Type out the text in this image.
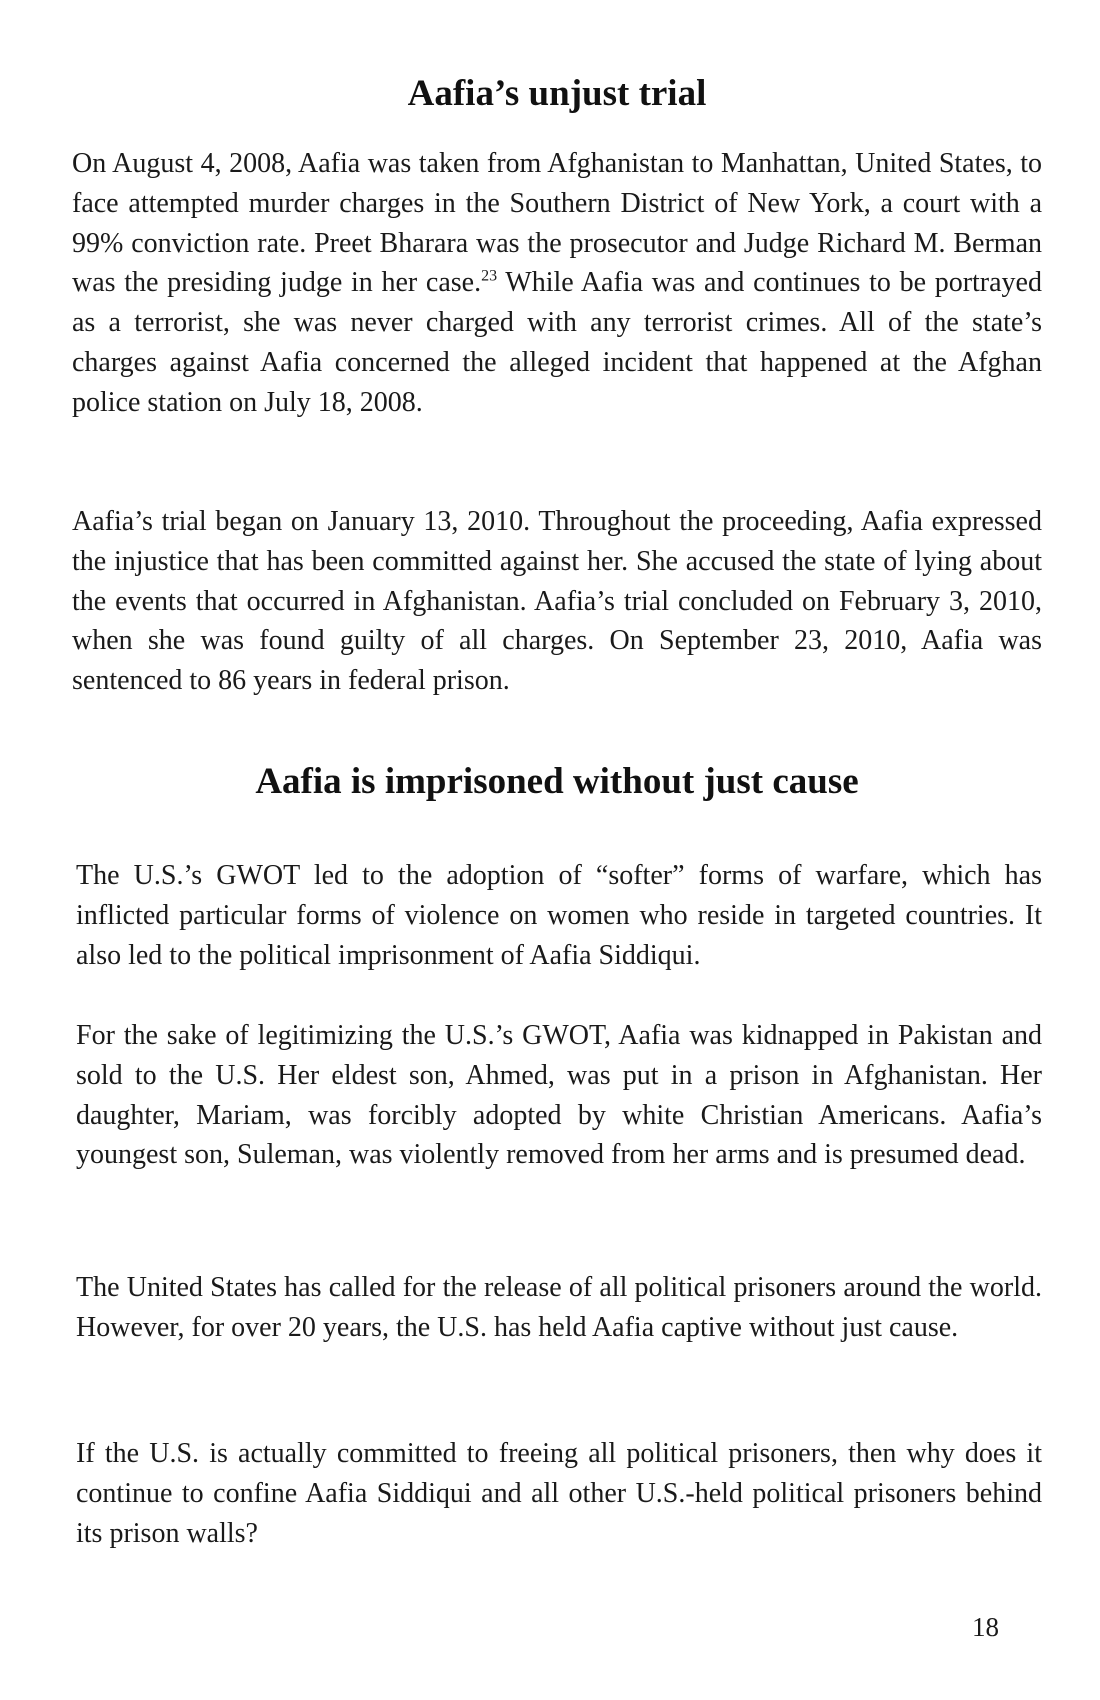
Aafia’s unjust trial

On August 4, 2008, Aafia was taken from Afghanistan to Manhattan, United States, to face attempted murder charges in the Southern District of New York, a court with a 99% conviction rate. Preet Bharara was the prosecutor and Judge Richard M. Berman was the presiding judge in her case.$^{23}$ While Aafia was and continues to be portrayed as a terrorist, she was never charged with any terrorist crimes. All of the state’s charges against Aafia concerned the alleged incident that happened at the Afghan police station on July 18, 2008.

Aafia’s trial began on January 13, 2010. Throughout the proceeding, Aafia expressed the injustice that has been committed against her. She accused the state of lying about the events that occurred in Afghanistan. Aafia’s trial concluded on February 3, 2010, when she was found guilty of all charges. On September 23, 2010, Aafia was sentenced to 86 years in federal prison.

Aafia is imprisoned without just cause

The U.S.’s GWOT led to the adoption of “softer” forms of warfare, which has inflicted particular forms of violence on women who reside in targeted countries. It also led to the political imprisonment of Aafia Siddiqui.

For the sake of legitimizing the U.S.’s GWOT, Aafia was kidnapped in Pakistan and sold to the U.S. Her eldest son, Ahmed, was put in a prison in Afghanistan. Her daughter, Mariam, was forcibly adopted by white Christian Americans. Aafia’s youngest son, Suleman, was violently removed from her arms and is presumed dead.

The United States has called for the release of all political prisoners around the world. However, for over 20 years, the U.S. has held Aafia captive without just cause.

If the U.S. is actually committed to freeing all political prisoners, then why does it continue to confine Aafia Siddiqui and all other U.S.-held political prisoners behind its prison walls?

18
